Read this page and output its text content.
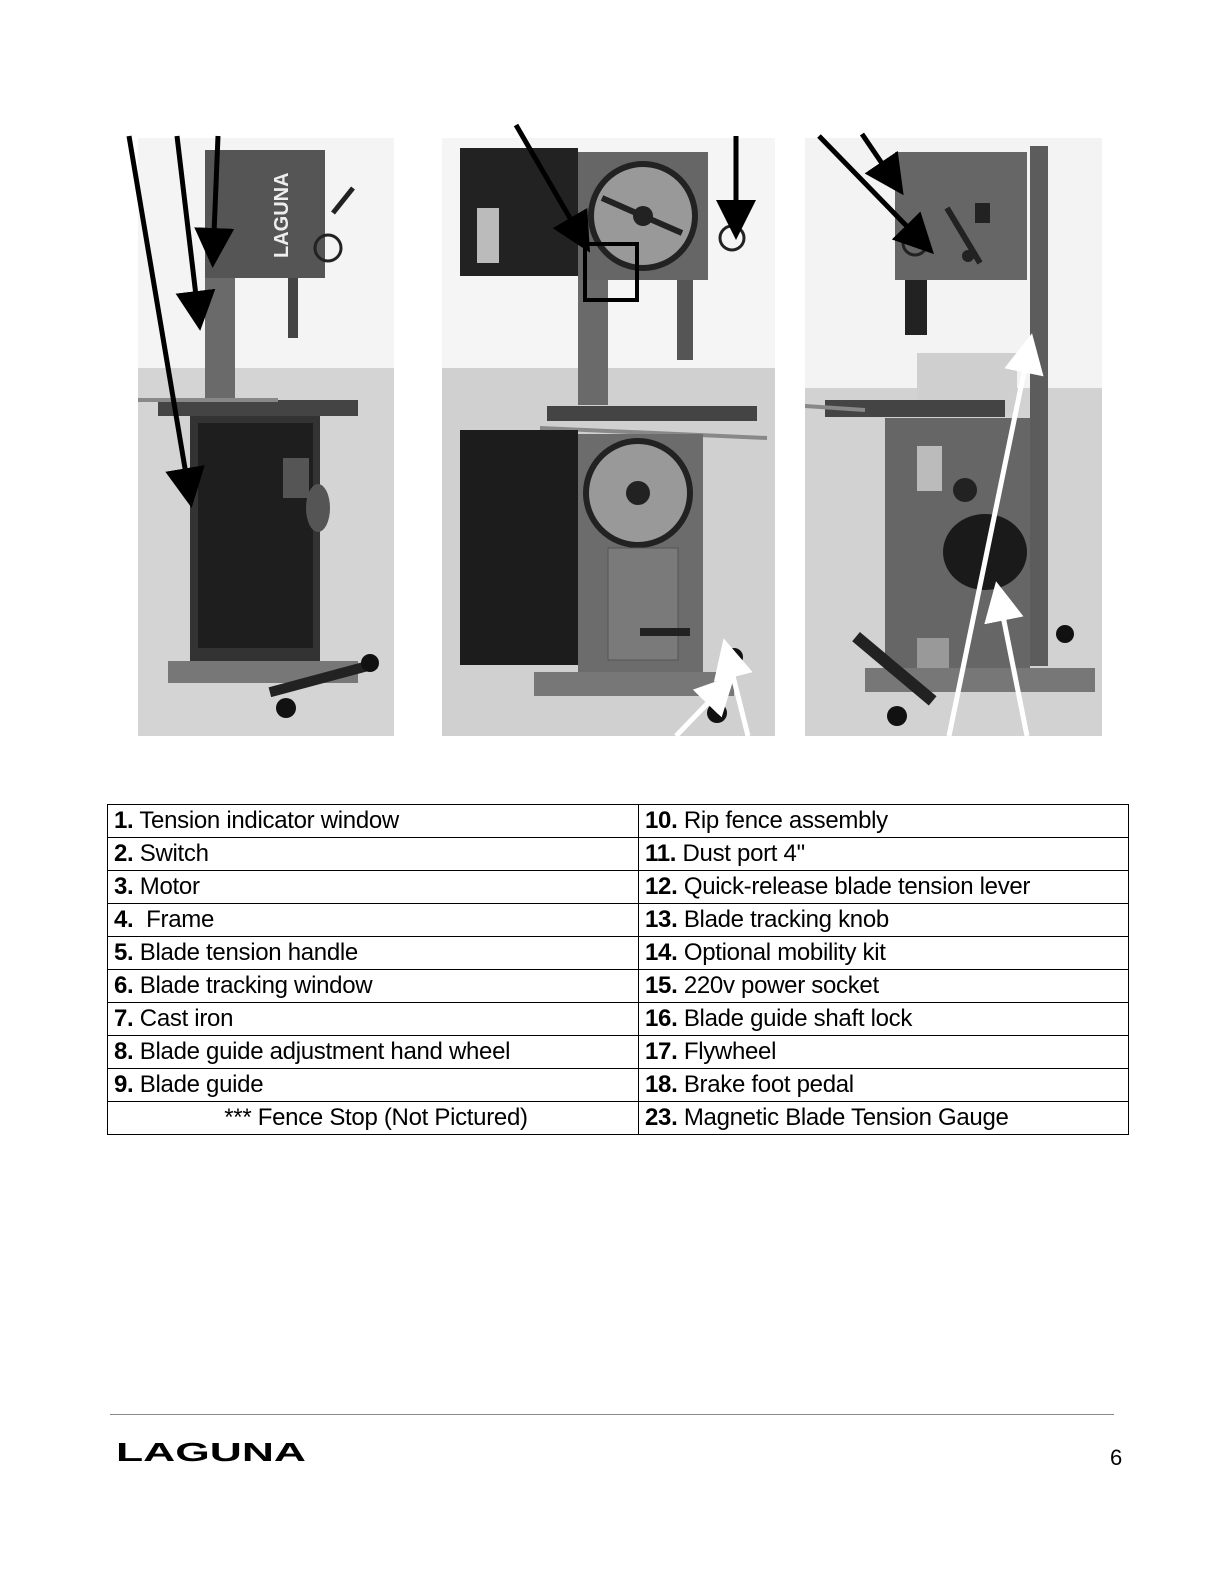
LAGUNA
1. Tension indicator window	10. Rip fence assembly
2. Switch	11. Dust port 4"
3. Motor	12. Quick-release blade tension lever
4.  Frame	13. Blade tracking knob
5. Blade tension handle	14. Optional mobility kit
6. Blade tracking window	15. 220v power socket
7. Cast iron	16. Blade guide shaft lock
8. Blade guide adjustment hand wheel	17. Flywheel
9. Blade guide	18. Brake foot pedal
*** Fence Stop (Not Pictured)	23. Magnetic Blade Tension Gauge
LAGUNA	6
